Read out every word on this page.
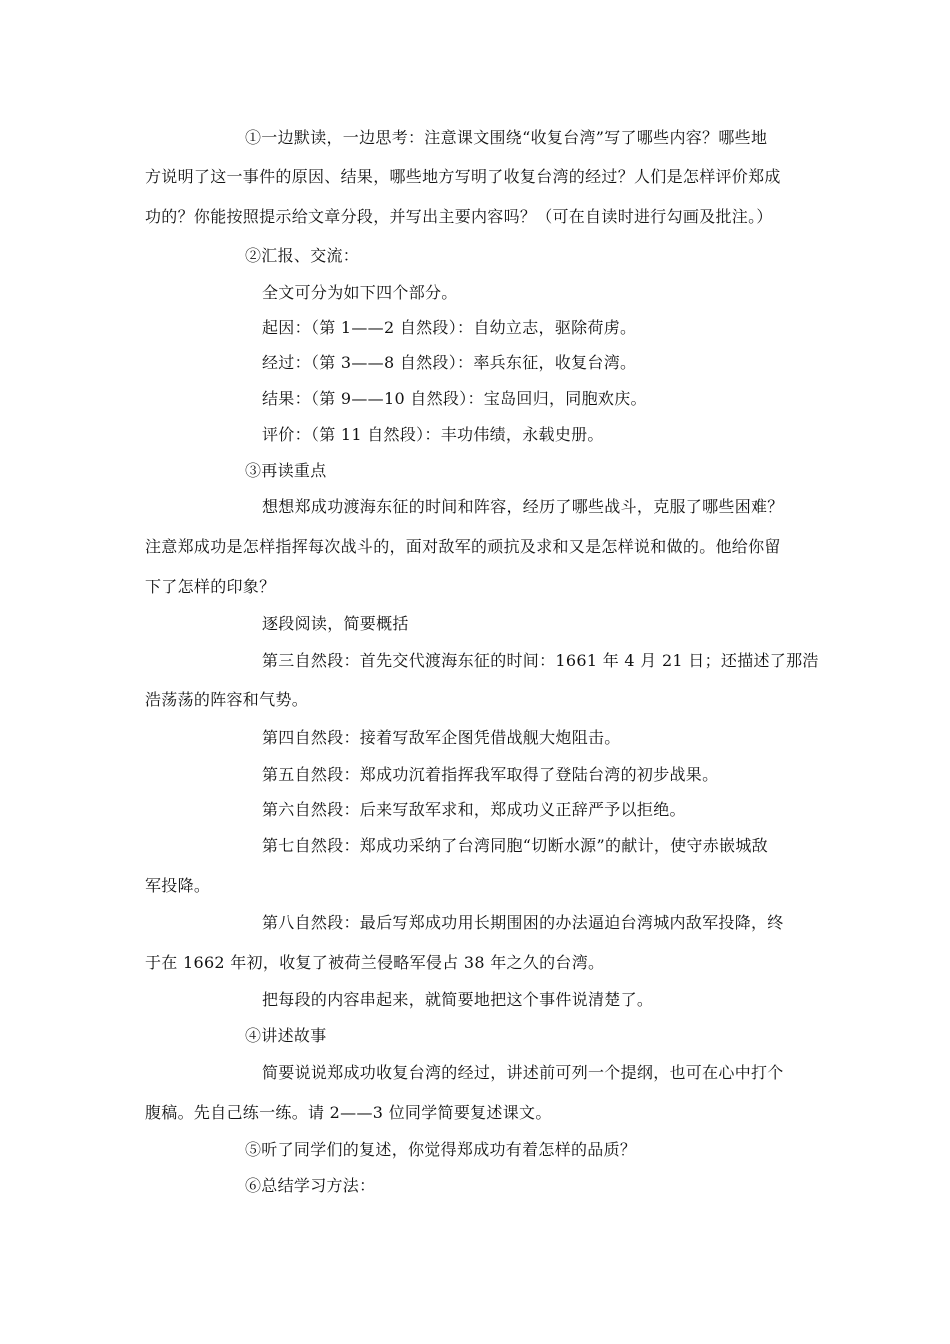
①一边默读，一边思考：注意课文围绕“收复台湾”写了哪些内容？哪些地
方说明了这一事件的原因、结果，哪些地方写明了收复台湾的经过？人们是怎样评价郑成
功的？你能按照提示给文章分段，并写出主要内容吗？（可在自读时进行勾画及批注。）
②汇报、交流：
全文可分为如下四个部分。
起因：（第 1——2 自然段）：自幼立志，驱除荷虏。
经过：（第 3——8 自然段）：率兵东征，收复台湾。
结果：（第 9——10 自然段）：宝岛回归，同胞欢庆。
评价：（第 11 自然段）：丰功伟绩，永载史册。
③再读重点
想想郑成功渡海东征的时间和阵容，经历了哪些战斗，克服了哪些困难？
注意郑成功是怎样指挥每次战斗的，面对敌军的顽抗及求和又是怎样说和做的。他给你留
下了怎样的印象？
逐段阅读，简要概括
第三自然段：首先交代渡海东征的时间：1661 年 4 月 21 日；还描述了那浩
浩荡荡的阵容和气势。
第四自然段：接着写敌军企图凭借战舰大炮阻击。
第五自然段：郑成功沉着指挥我军取得了登陆台湾的初步战果。
第六自然段：后来写敌军求和，郑成功义正辞严予以拒绝。
第七自然段：郑成功采纳了台湾同胞“切断水源”的献计，使守赤嵌城敌
军投降。
第八自然段：最后写郑成功用长期围困的办法逼迫台湾城内敌军投降，终
于在 1662 年初，收复了被荷兰侵略军侵占 38 年之久的台湾。
把每段的内容串起来，就简要地把这个事件说清楚了。
④讲述故事
简要说说郑成功收复台湾的经过，讲述前可列一个提纲，也可在心中打个
腹稿。先自己练一练。请 2——3 位同学简要复述课文。
⑤听了同学们的复述，你觉得郑成功有着怎样的品质？
⑥总结学习方法：
